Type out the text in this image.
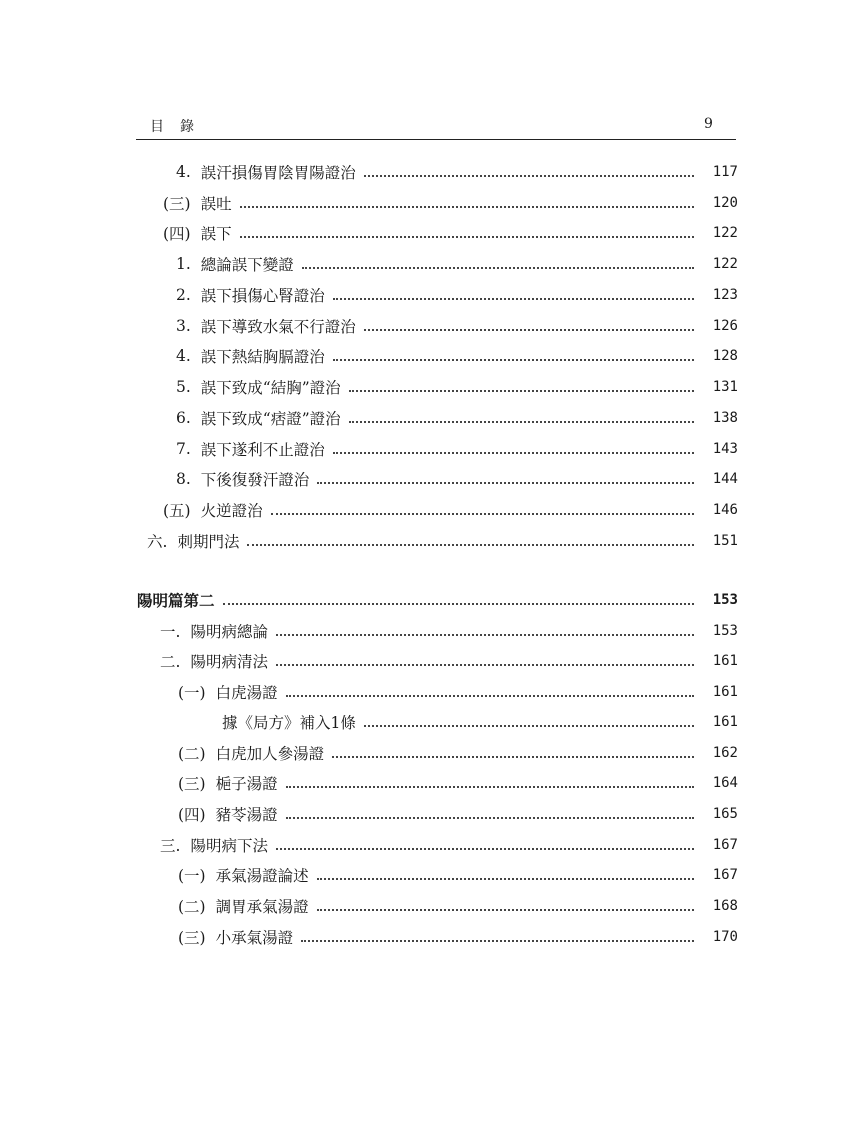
目錄	9
4. 誤汗損傷胃陰胃陽證治	117
(三) 誤吐	120
(四) 誤下	122
1. 總論誤下變證	122
2. 誤下損傷心腎證治	123
3. 誤下導致水氣不行證治	126
4. 誤下熱結胸膈證治	128
5. 誤下致成“結胸”證治	131
6. 誤下致成“痞證”證治	138
7. 誤下遂利不止證治	143
8. 下後復發汗證治	144
(五) 火逆證治	146
六. 刺期門法	151
陽明篇第二	153
一. 陽明病總論	153
二. 陽明病清法	161
(一) 白虎湯證	161
據《局方》補入1條	161
(二) 白虎加人參湯證	162
(三) 梔子湯證	164
(四) 豬苓湯證	165
三. 陽明病下法	167
(一) 承氣湯證論述	167
(二) 調胃承氣湯證	168
(三) 小承氣湯證	170
